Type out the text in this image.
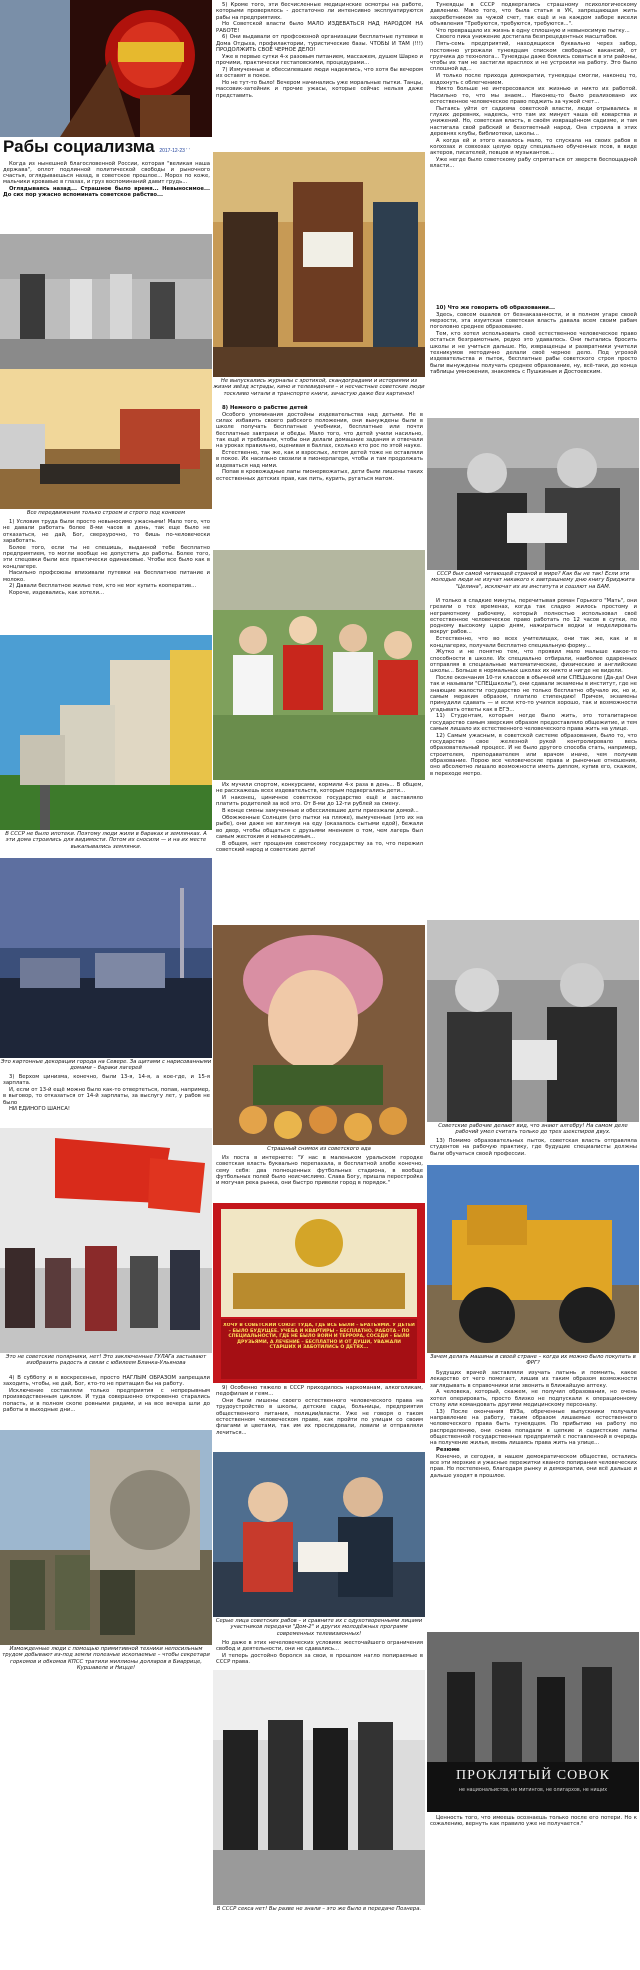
Рабы социализма 2017-12-23 ’ ’

Когда из нынешней благословенной России, которая "великая наша держава", оплот подлинной политической свободы и рыночного счастья, оглядываешься назад, в советское прошлое... Мороз по коже, мальчики кровавые в глазах, и груз воспоминаний давит грудь...

Оглядываясь назад... Страшное было время... Невыносимое... До сих пор ужасно вспоминать советское рабство...

Все передвижения только строем и строго под конвоем

1) Условия труда были просто невыносимо ужасными! Мало того, что не давали работать более 8-ми часов в день, так еще было не отказаться, не дай, Бог, сверхурочно, то бишь по-человечески заработать.

Более того, если ты не спешишь, выданной тебе бесплатно предприятием, то могли вообще не допустить до работы. Более того, эти спецовки были все практически одинаковые. Чтобы все было как в концлагере.

Насильно профсоюзы впихивали путевки на бесплатное питание и молоко.

2) Давали бесплатное жилье тем, кто не мог купить кооператив...

Короче, издевались, как хотели...

В СССР не было ипотеки. Поэтому люди жили в бараках и землянках. А эти дома строились для видимости. Потом их сносили — и на их месте выкапывались землянки.
Это картонные декорации города на Севере. За щитами с нарисованными домами – бараки лагерей

3) Верхом цинизма, конечно, были 13-я, 14-я, а кое-где, и 15-я зарплата.

И, если от 13-й ещё можно было как-то отвертеться, попав, например, в выговор, то отказаться от 14-й зарплаты, за выслугу лет, у рабов не было

НИ ЕДИНОГО ШАНСА!

Это не советские полярники, нет! Это заключенные ГУЛАГа застывают изобразить радость в связи с юбилеем Бланка-Ульянова

4) В субботу и в воскресенье, просто НАГЛЫМ ОБРАЗОМ запрещали заходить, чтобы, не дай, Бог, кто-то не притащил бы на работу.

Исключение составляли только предприятия с непрерывным производственным циклом. И туда совершенно откровенно старались попасть, и в полном скопе ровными рядами, и на все вечера шли до работы в выходные дни...

Изможденные люди с помощью примитивной техники непосильным трудом добывают из-под земли полезные ископаемые – чтобы секретари горкомов и обкомов КПСС тратили миллионы долларов в Биаррице, Куршавеле и Ницце!

5) Кроме того, эти бесчисленные медицинские осмотры на работе, которыми проверялось - достаточно ли интенсивно эксплуатируются рабы на предприятиях.

Но Советской власти было МАЛО ИЗДЕВАТЬСЯ НАД НАРОДОМ НА РАБОТЕ!

6) Они выдавали от профсоюзной организации бесплатные путевки в Дома Отдыха, профилактории, туристические базы. ЧТОБЫ И ТАМ (!!!) ПРОДОЛЖИТЬ СВОЁ ЧЕРНОЕ ДЕЛО!

Уже в первые сутки 4-х разовым питанием, массажем, душем Шарко и прочими, практически гестаповскими, процедурами...

7) Измученные и обессилевшие люди надеялись, что хотя бы вечером их оставят в покое.

Но не тут-то было! Вечером начинались уже моральные пытки. Танцы, массовик-затейник и прочие ужасы, которые сейчас нельзя даже представить.

Не выпускались журналы с эротикой, скандоградами и историями из жизни звёзд эстрады, кино и телевидения – и несчастные советские люди тоскливо читали в транспорте книги, зачастую даже без картинок!

8) Немного о рабстве детей

Особого упоминания достойны издевательства над детьми. Не в силах избавить своего рабского положения, они вынуждены были в школе получать бесплатные учебники, бесплатные или почти бесплатные завтраки и обеды. Мало того, что детей учили насильно, так ещё и требовали, чтобы они делали домашние задания и отвечали на уроках правильно, оценивая в баллах, сколько кто рос по этой науке.

Естественно, так же, как и взрослых, летом детей тоже не оставляли в покое. Их насильно свозили в пионерлагеря, чтобы и там продолжать издеваться над ними.

Попав в кровожадные лапы пионервожатых, дети были лишены таких естественных детских прав, как пить, курить, ругаться матом.

Их мучили спортом, конкурсами, кормили 4-х раза в день... В общем, не расскажешь всех издевательств, которым подвергались дети...

И наконец, циничное советское государство ещё и заставляло платить родителей за всё это. От 8-ми до 12-ти рублей за смену.

В конце смены замученные и обессилевшие дети приезжали домой...

Обожженные Солнцем (это пытки на пляже), вымученные (это их на рыбе), они даже не взглянув на еду (оказалось сытыми едой), бежали во двор, чтобы общаться с друзьями мнением о том, чем лагерь был самым жестоким и невыносимым...

В общем, нет прощения советскому государству за то, что пережил советский народ и советские дети!

Страшный снимок из советского ада

Из поста в интернете: "У нас в маленьком уральском городке советская власть буквально перепахала, в бесплатной злобе конечно, сему себя: два полноценных футбольных стадиона, в вообще футбольных полей было неисчислимо. Слава Богу, пришла перестройка и могучая река рынка, они быстро привели город в порядок."

ХОЧУ В СОВЕТСКИЙ СОЮЗ! ТУДА, ГДЕ ВСЕ БЫЛИ – БРАТЬЯМИ. У ДЕТЕЙ – БЫЛО БУДУЩЕЕ. УЧЕБА И КВАРТИРЫ – БЕСПЛАТНО. РАБОТА – ПО СПЕЦИАЛЬНОСТИ, ГДЕ НЕ БЫЛО ВОЙН И ТЕРРОРА, СОСЕДИ – БЫЛИ ДРУЗЬЯМИ, А ЛЕЧЕНИЕ – БЕСПЛАТНО И ОТ ДУШИ, УВАЖАЛИ СТАРШИХ И ЗАБОТИЛИСЬ О ДЕТЯХ...

9) Особенно тяжело в СССР приходилось наркоманам, алкоголикам, педофилам и геям...

Они были лишены своего естественного человеческого права на трудоустройство в школы, детские сады, больницы, предприятия общественного питания, полиции/власти. Уже не говоря о таком естественном человеческом праве, как пройти по улицам со своим флагами и цветами, так им их преследовали, ловили и отправляли лечиться...

Серые лица советских рабов – и сравните их с одухотворенными лицами участников передачи "Дом-2" и других молодёжных программ современных телевизионных!

Но даже в этих нечеловеческих условиях жесточайшего ограничения свобод и деятельности, они не сдавались...

И теперь достойно боролся за свои, в прошлом нагло попираемые в СССР права.

В СССР секса нет! Вы разве не знали – это же было в передаче Познера.

Тунеядцы в СССР подвергались страшному психологическому давлению. Мало того, что была статья в УК, запрещающая жить захребетником за чужой счет, так ещё и на каждом заборе висели объявления "Требуются, требуются, требуются...".

Что превращало их жизнь в одну сплошную и невыносимую пытку...

Своего пика унижение достигала безпрецедентных масштабов.

Пять-семь предприятий, находящихся буквально через забор, постоянно угрожали тунеядцам списком свободных вакансий, от грузчика до технолога... Тунеядцы даже боялись соваться в эти районы, чтобы их там не застигли врасплох и не устроили на работу. Это было сплошной ад...

И только после прихода демократии, тунеядцы смогли, наконец то, вздохнуть с облегчением.

Никто больше не интересовался их жизнью и никто их работой. Насильно то, что мы знаем... Наконец-то было реализовано их естественное человеческое право поджить за чужой счет...

Пытаясь уйти от садизма советской власти, люди отрывались в глухих деревнях, надеясь, что там их минует чаша её коварства и унижений. Но, советская власть, в своём извращённом садизме, и там настигала свой рабский и безответный народ. Она строила в этих деревнях клубы, библиотеки, школы...

А когда ей и этого казалось мало, то спускала на своих рабов в колхозах и совхозах целую орду специально обученных псов, в виде актеров, писателей, певцов и музыкантов...

Уже негде было советскому рабу спрятаться от зверств беспощадной власти...

10) Что же говорить об образовании...

Здесь, совсем ошалев от безнаказанности, и в полном угаре своей мерзости, эта изуитская советская власть давала всем своим рабам поголовно среднее образование.

Тем, кто хотел использовать своё естественное человеческое право остаться безграмотным, редко это удавалось. Они пытались бросить школы и не учиться дальше. Но, извращенцы и развратники учители техникумов методично делали своё черное дело. Под угрозой издевательства и пыток, бесплатные рабы советского строя просто были вынуждены получать среднее образование, ну, всё-таки, до конца таблицы умножения, знакомясь с Пушкиным и Достоевским.

СССР был самой читающей страной в мире? Как бы не так! Если эти молодые люди не изучат никакого к завтрашнему дню книгу Бриджита "Целина", исключат их из института и сошлют на БАМ.

И только в сладкие минуты, перечитывая роман Горького "Мать", они грезили о тех временах, когда так сладко жилось простому и неграмотному рабочему, который полностью использовал своё естественное человеческое право работать по 12 часов в сутки, по родному высокому царю дням, нажираться водки и моделировать вокруг рабов...

Естественно, что во всех учителищах, они так же, как и в концлагерях, получали бесплатно специальную форму...

Жутко и не понятно тем, что проявил мало малыше какое-то способности в школе. Их специально отбирали, наиболее одаренных отправляя в специальные математические, физические и английские школы... Больше в нормальных школах их никто и нигде не видели.

После окончания 10-ти классов в обычной или СПЕЦшколе (Да-да! Они так и называли "СПЕЦшколы"), они сдавали экзамены в институт, где не знающие жалости государство не только бесплатно обучало их, но и, самым мерзким образом, платило стипендию! Причем, экзамены принудили сдавать — и если кто-то учился хорошо, так и возможности угадывать ответы как в ЕГЭ...

11) Студентам, которым негде было жить, это тоталитарное государство самым зверским образом предоставляло общежитие, и тем самым лишало их естественного человеческого права жить на улице.

12) Самым ужасным, в советской системе образования, было то, что государство свое железной рукой контролировало весь образовательный процесс. И не было другого способа стать, например, строителем, преподавателем или врачом иначе, чем получив образование. Порою все человеческие права и рыночные отношения, оно абсолютно лишало возможности иметь диплом, купив его, скажем, в переходе метро.

Советские рабочие делают вид, что знают алгебру! На самом деле рабочий умел считать только до трех шекспиров двух.

13) Помимо образовательных пыток, советская власть отправляла студентов на рабочую практику, где будущие специалисты должны были обучаться своей профессии.

Зачем делать машины в своей стране – когда их можно было покупать в ФРГ?

Будущих врачей заставляли изучать латынь и помнить, какое лекарство от чего помогает, лишив их таким образом возможности заглядывать в справочники или звонить в ближайшую аптеку.

А человека, который, скажем, не получил образования, но очень хотел оперировать, просто близко не подпускали к операционному столу или командовать другими медицинскому персоналу.

13) После окончания ВУЗа, обреченные выпускники получали направление на работу, таким образом лишаемые естественного человеческого права быть тунеядцем. По прибытию на работу по распределению, они снова попадали в цепкие и садистские лапы общественной государственных предприятий с поставленной в очередь на получение жилья, вновь лишаясь права жить на улице...

Резюме

Конечно, и сегодня, в нашем демократическом обществе, остались все эти мерзкие и ужасные пережитки кваного попирания человеческих прав. Но постепенно, благодаря рынку и демократии, они всё дальше и дальше уходят в прошлое.

ПРОКЛЯТЫЙ СОВОК
не национальистов, не митингов, не олигархов, не нищих

Ценность того, что имеешь осознаешь только после его потери. Но к сожалению, вернуть как правило уже не получается."
